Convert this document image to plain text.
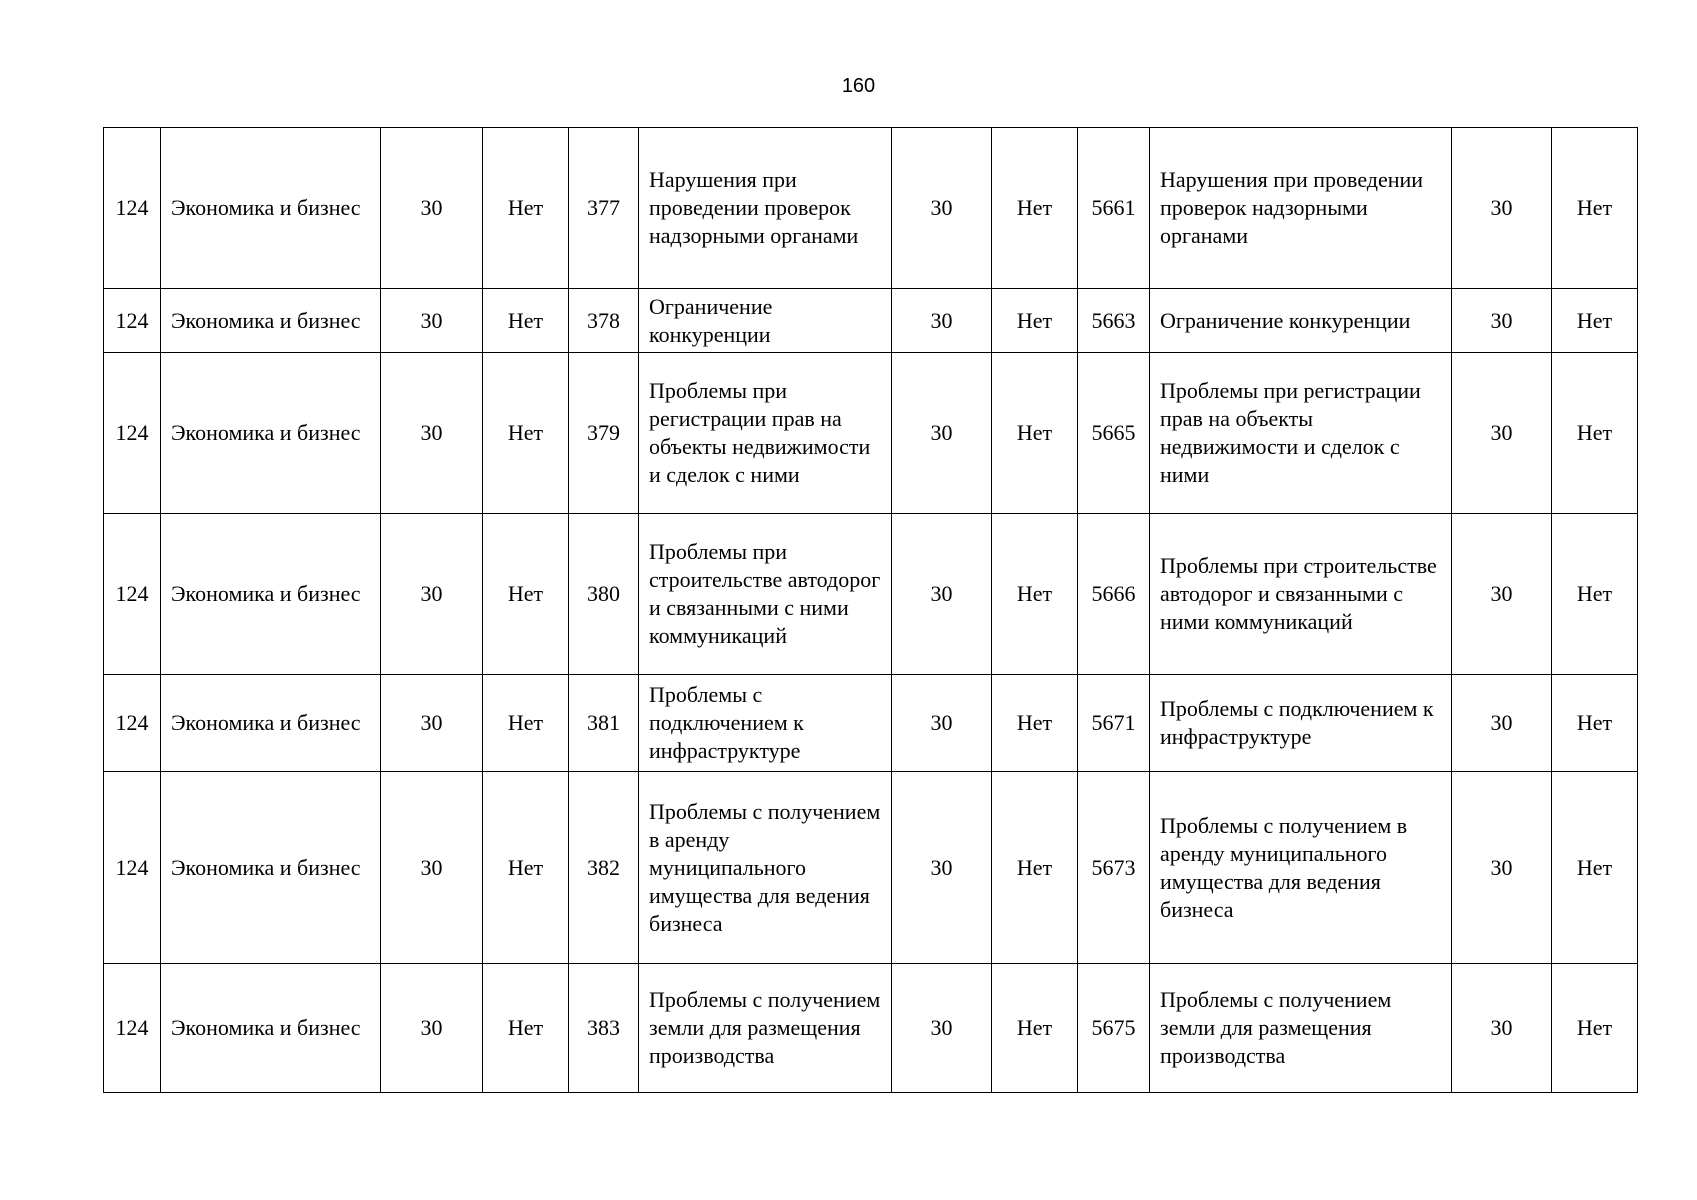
160
124	Экономика и бизнес	30	Нет	377	Нарушения при проведении проверок надзорными органами	30	Нет	5661	Нарушения при проведении проверок надзорными органами	30	Нет
124	Экономика и бизнес	30	Нет	378	Ограничение конкуренции	30	Нет	5663	Ограничение конкуренции	30	Нет
124	Экономика и бизнес	30	Нет	379	Проблемы при регистрации прав на объекты недвижимости и сделок с ними	30	Нет	5665	Проблемы при регистрации прав на объекты недвижимости и сделок с ними	30	Нет
124	Экономика и бизнес	30	Нет	380	Проблемы при строительстве автодорог и связанными с ними коммуникаций	30	Нет	5666	Проблемы при строительстве автодорог и связанными с ними коммуникаций	30	Нет
124	Экономика и бизнес	30	Нет	381	Проблемы с подключением к инфраструктуре	30	Нет	5671	Проблемы с подключением к инфраструктуре	30	Нет
124	Экономика и бизнес	30	Нет	382	Проблемы с получением в аренду муниципального имущества для ведения бизнеса	30	Нет	5673	Проблемы с получением в аренду муниципального имущества для ведения бизнеса	30	Нет
124	Экономика и бизнес	30	Нет	383	Проблемы с получением земли для размещения производства	30	Нет	5675	Проблемы с получением земли для размещения производства	30	Нет
